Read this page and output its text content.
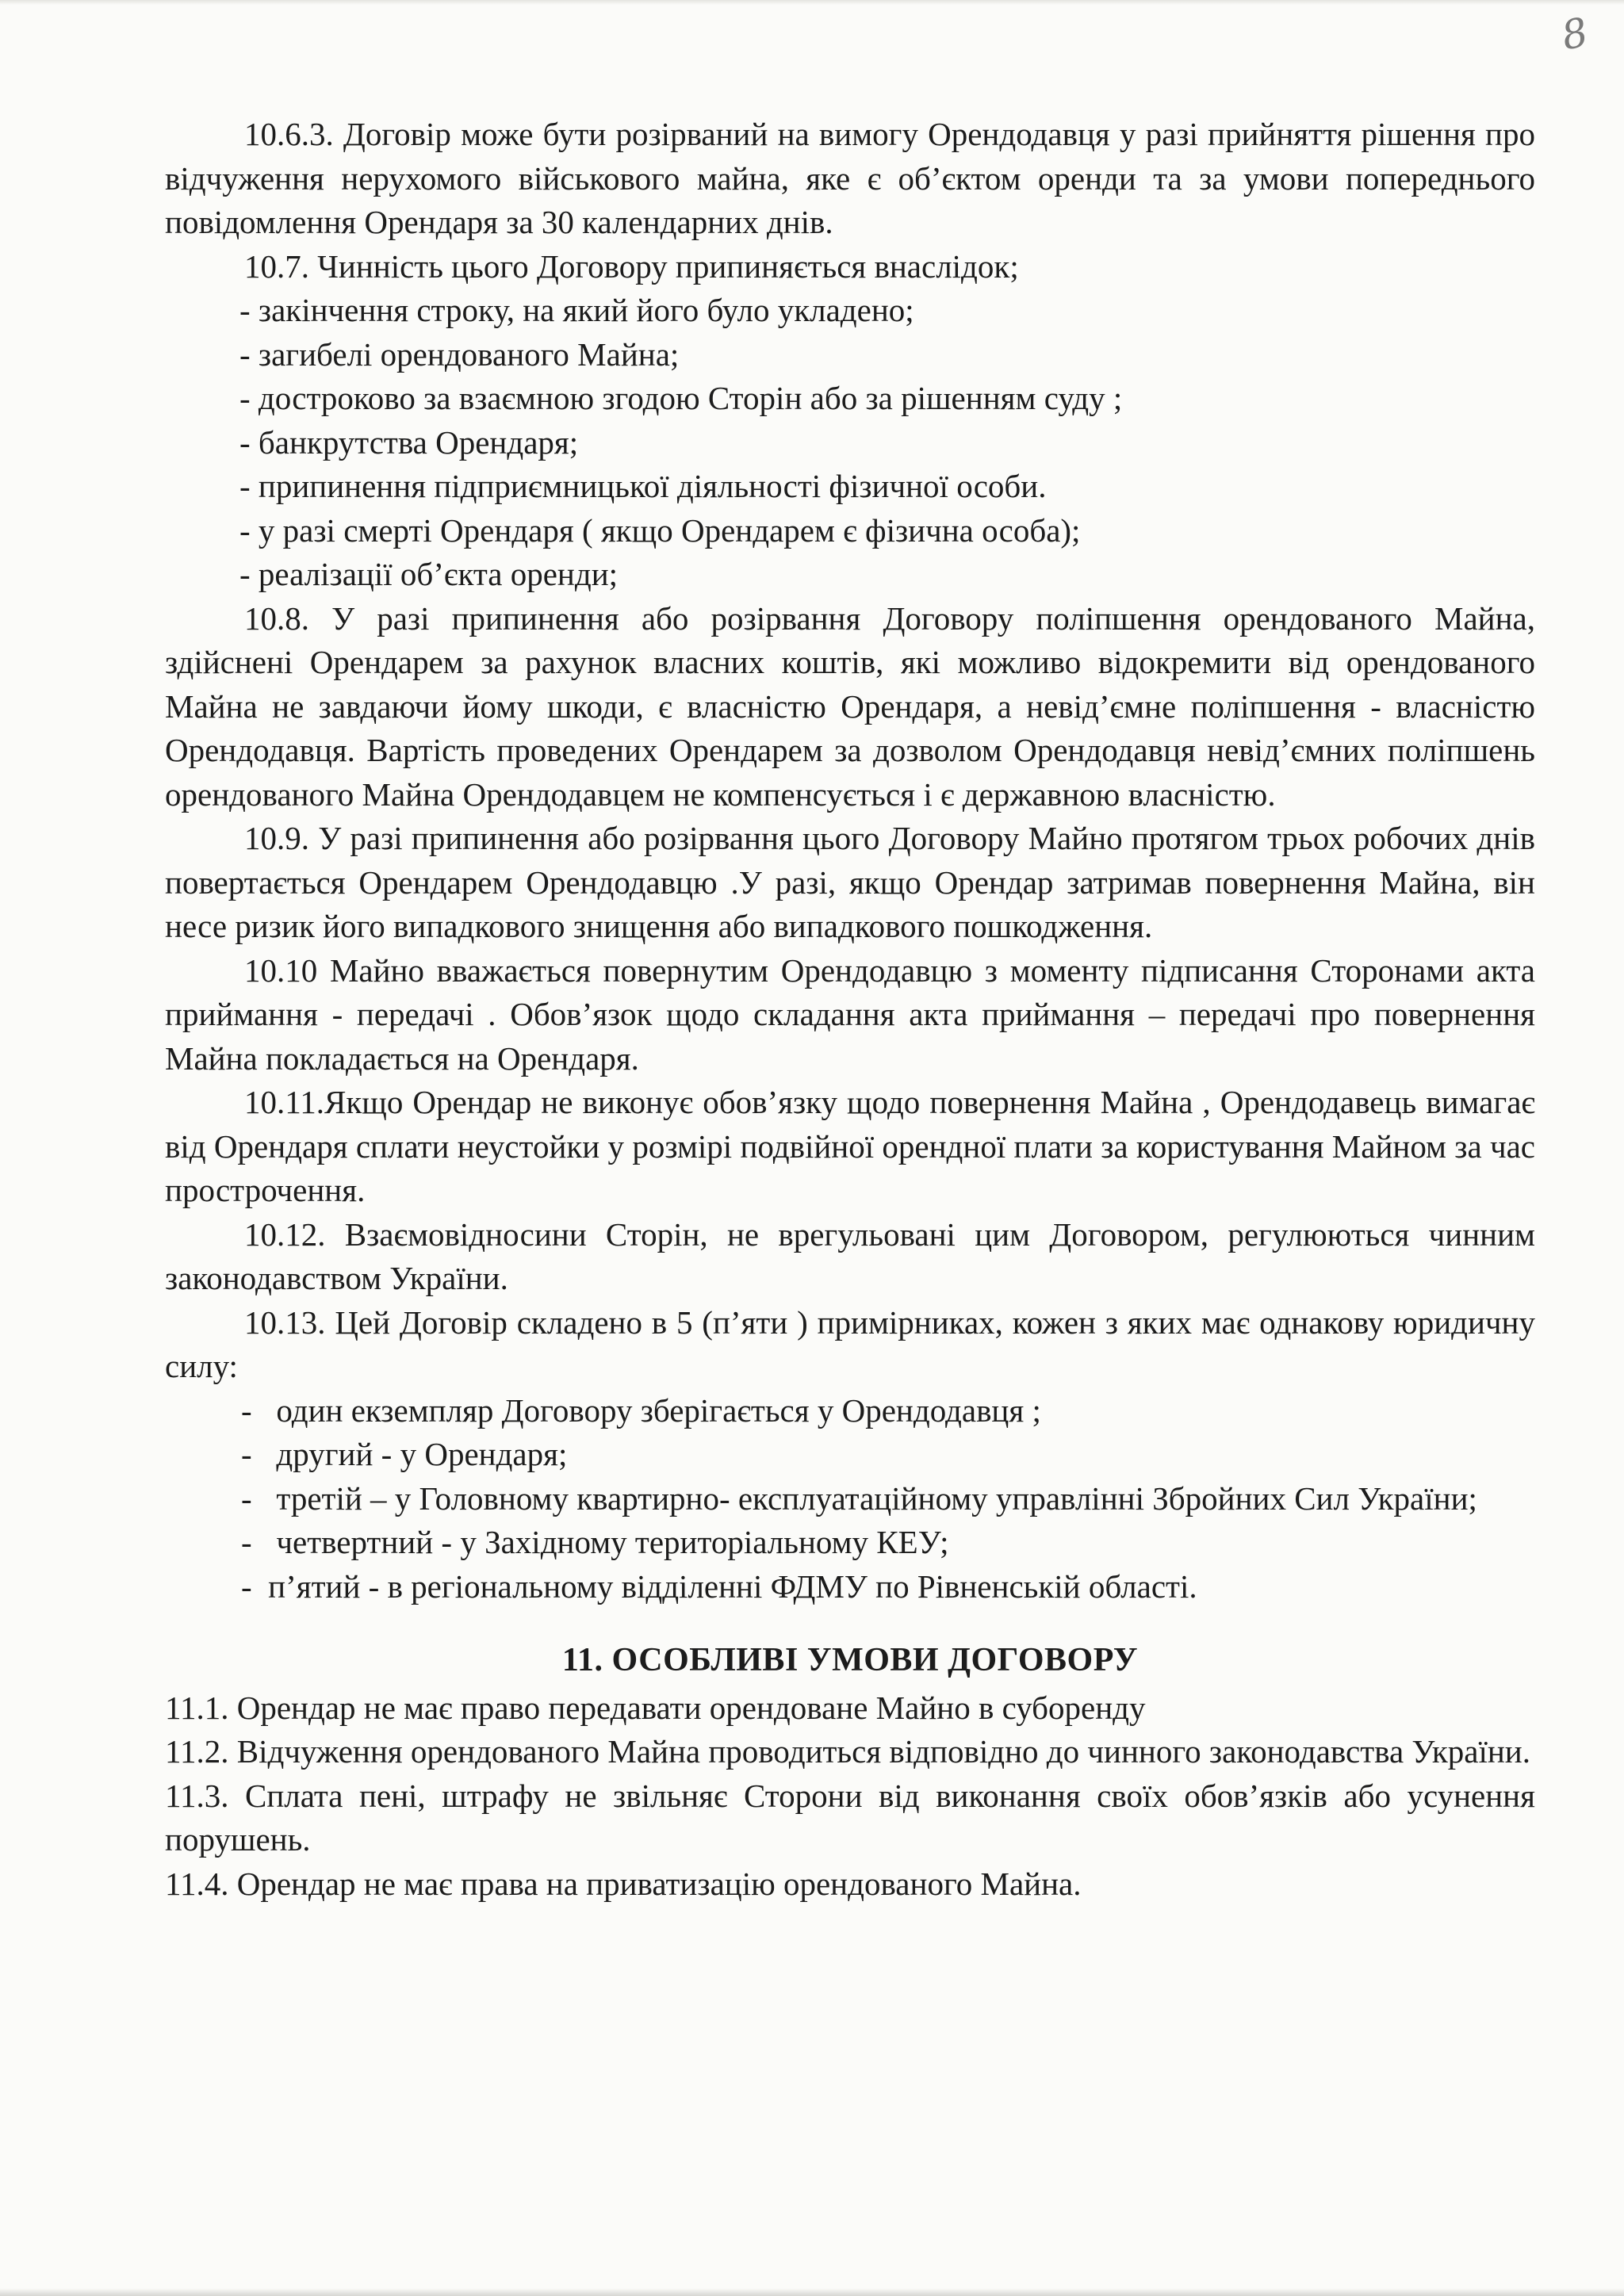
8

10.6.3. Договір може бути розірваний на вимогу Орендодавця у разі прийняття рішення про відчуження нерухомого військового майна, яке є об’єктом оренди та за умови попереднього повідомлення Орендаря за 30 календарних днів.

10.7. Чинність цього Договору припиняється внаслідок;

- закінчення строку, на який його було укладено;

- загибелі орендованого Майна;

- достроково за взаємною згодою Сторін або за рішенням суду ;

- банкрутства Орендаря;

- припинення підприємницької діяльності фізичної особи.

- у разі смерті Орендаря ( якщо Орендарем є фізична особа);

- реалізації об’єкта оренди;

10.8. У разі припинення або розірвання Договору поліпшення орендованого Майна, здійснені Орендарем за рахунок власних коштів, які можливо відокремити від орендованого Майна не завдаючи йому шкоди, є власністю Орендаря, а невід’ємне поліпшення - власністю Орендодавця. Вартість проведених Орендарем за дозволом Орендодавця невід’ємних поліпшень орендованого Майна Орендодавцем не компенсується і є державною власністю.

10.9. У разі припинення або розірвання цього Договору Майно протягом трьох робочих днів повертається Орендарем Орендодавцю .У разі, якщо Орендар затримав повернення Майна, він несе ризик його випадкового знищення або випадкового пошкодження.

10.10 Майно вважається повернутим Орендодавцю з моменту підписання Сторонами акта приймання - передачі . Обов’язок щодо складання акта приймання – передачі про повернення Майна покладається на Орендаря.

10.11.Якщо Орендар не виконує обов’язку щодо повернення Майна , Орендодавець вимагає від Орендаря сплати неустойки у розмірі подвійної орендної плати за користування Майном за час прострочення.

10.12. Взаємовідносини Сторін, не врегульовані цим Договором, регулюються чинним законодавством України.

10.13. Цей Договір складено в 5 (п’яти ) примірниках, кожен з яких має однакову юридичну силу:

-   один екземпляр Договору зберігається у Орендодавця ;

-   другий - у Орендаря;

-   третій – у Головному квартирно- експлуатаційному управлінні Збройних Сил України;

-   четвертний - у Західному територіальному КЕУ;

-  п’ятий - в регіональному відділенні ФДМУ по Рівненській області.

11. ОСОБЛИВІ УМОВИ ДОГОВОРУ

11.1. Орендар не має право передавати орендоване Майно в суборенду

11.2. Відчуження орендованого Майна проводиться відповідно до чинного законодавства України.

11.3. Сплата пені, штрафу не звільняє Сторони від виконання своїх обов’язків або усунення порушень.

11.4. Орендар не має права на приватизацію орендованого Майна.
